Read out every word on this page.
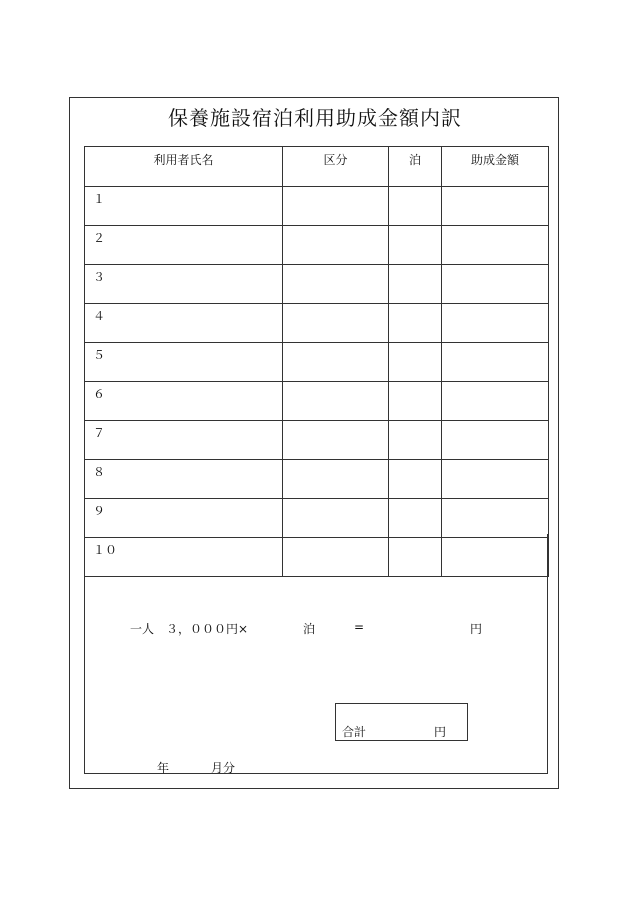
保養施設宿泊利用助成金額内訳
利用者氏名	区分	泊	助成金額
１			
２			
３			
４			
５			
６			
７			
８			
９			
１０			
一人　３，０００円×	泊	=	円
合計	円
年	月分
